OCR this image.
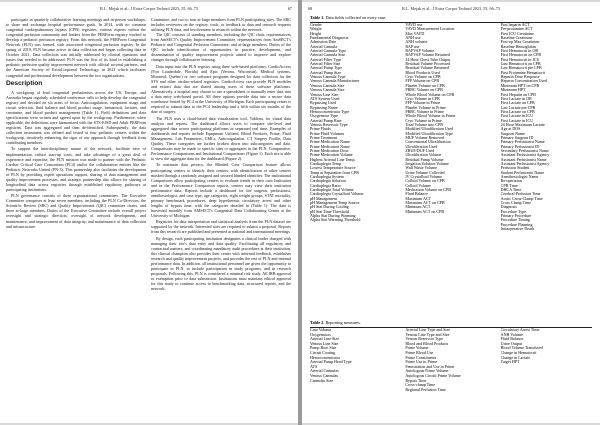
B.L. Mejak et al.: J Extra Corpor Technol 2023, 55, 66–73	67

participate in quarterly collaborative learning meetings and in-person workshops, to share and exchange hospital performance goals. In 2014, with no common congenital cardiopulmonary bypass (CPB) registries, various experts within the congenital perfusion community and leaders from the PERForm registry worked to develop a pediatric perfusion registry. From this network, the PERForm Congenital Network (PLN) was formed, with associated congenital perfusion registry. In the spring of 2019, PLN became active in data collection and began collecting data in October 2021. Data collection was initially addressed by clinical questions and issues that needed to be addressed. PLN was the first of its kind in establishing a pediatric perfusion quality improvement network with official societal partners, and the American Society of ExtraCorporeal Technology, in 2021 which facilitates congenital and professional development between the two organizations.

Description

A workgroup of lead congenital perfusionists across the US, Europe, and Australia began regularly scheduled conference calls to help develop the congenital registry and decided on six areas of focus: Anticoagulation, equipment usage and circuit selection, fluid balance and blood product usage, hematocrit, lactates, and creatinine, and blood product management (Table 1). Field definitions and data specifications were written and agreed upon by the workgroup. Furthermore, when applicable, the definitions were harmonized with the STS-EJSD and Adult PERForm registries. Data was aggregated and then de-identified. Subsequently, the data collection instrument was refined and tested at four pediatric centers within the workgroup, iteratively enhancing the rigor of our approach through feedback from contributing members.

To support the interdisciplinary nature of the network, facilitate ease of implementation, reduce start-up costs, and take advantage of a great deal of experience and expertise, the PLN mission was made to partner with the Pediatric Cardiac Critical Care Consortium (PC4) and/or the collaboration entities like the Pediatric Networks United (PN-3). This partnership also facilitates the development of PLN by providing expert operations support, sharing of data management and quality improvement processes, and strategic partnership also allows for sharing of longitudinal data across registries through established regulatory pathways at participating institutions.

PLN governance consists of three organizational committees. The Executive Committee comprises at least seven members, including the PLN Co-Directors, the Scientific Review (SRC) and Quality Improvement (QIC) committee chairs, and three at-large members. Duties of the Executive Committee include overall project oversight and strategic direction, oversight of network development, and maintenance, and improvement of data integrity, and maintenance of data collection and infrastructure.

Committee, and two to four at-large members from PLN participating sites. The SRC includes reviewers on the registry, track, or feedback to data and research requests utilizing PLN data, and involvement in research within the network.

The QIC consists of standing members, including the QIC chair, representatives from AmSECT's Quality Improvement Committee, representatives from AmSECT's Pediatric and Congenital Perfusion Committee, and at-large members. Duties of the QIC include identification of opportunities in practice, development, and dissemination of quality improvement projects aimed to improve and explore changes through collaborative learning.

Data input into the PLN registry using three web-based platforms: CardioAccess (Fort Lauderdale, Florida) and Epic (Verona, Wisconsin). Medical systems, Montreal, Quebec) or two software programs designed for data collection for the STS and other cardiac-related registries. CardioAccess can provide PLN modules and extract data that are shared among users of these software platforms. Alternatively, a hospital may choose to use a spreadsheet to manually enter data into a data entry web-based portal. All three options provide data into a secure data warehouse hosted by PC4 at the University of Michigan. Each participating center is required to submit data to the PC4 leadership and a fifth within six months of the date of surgery.

The PLN uses a cloud-based data visualization tool, Tableau, for visual data analysis and reports. The dashboard allows users to compare site-level and aggregated data across participating platforms in separated real time. Examples of dashboards and reports include Equipment Utilized, Blood Products, Prime, Fluid Management, Lab Parameters, CMLs, Anticoagulation, CT Surgery Profile, Data Quality. These categories are further broken down into subcategories and data. Comparisons may be made to specific sites or aggregates in the PLN. Comparative, Performance Comparisons and Institutional Comparisons (Figure 1). Each site is able to view the aggregate data for the dashboard (Figure 2).

To maintain data privacy, the Blinded Case Comparison feature allows participating centers to identify their centers, with identification of other centers masked through a randomly assigned and secured blinded identifier. The institutional Comparisons allow participating centers to evaluate trends in their own Institution and in the Performance Comparison reports, centers may view their institution performance data. Reports include a dashboard for the surgeon, perfusionist, anesthesiologist, and case type, age categories, eight weight groups, STAT mortality, primary benchmark procedures, deep hypothermic circulatory arrest and other lengths of bypass time, with the categories detailed in (Table 1). The data is harvested monthly from AMSECT's Congenital Data Collaborating Center at the University of Michigan.

Registries for data interpretation and statistical analysis from the PLN dataset are supported by the network. Interested sites are required to submit a proposal. Reports from this research are published and presented at national and international meetings.

By design, each participating institution designates a clinical leader charged with managing their site's data entry and data quality. Facilitating all regulatory and contractual matters, and coordinating mandatory audit procedures at their institution, this clinical champion also provides their center with informal feedback, establishes research and quality improvement projects, and provides the rest of PLN and internal performance data. In addition, all institutional personnel are given the opportunity to participate in PLN, to include participation in study programs, and in research proposals. Following this, PLN is considered a minimal risk study. All IRB approval or exemption prior to data submission. Institutions must maintain ethical approval for this study to continue access to benchmarking data, structured reports, and the network.

68	B.L. Mejak et al.: J Extra Corpor Technol 2023, 55, 66–73

Table 1. Data fields collected on every case.

Gender
Weight
Height
Fundamental Diagnosis
Admission Date
Arterial Cannula
Arterial Cannula Type
Arterial Cannula Size
Arterial Filter Type
Arterial Filter Size
Arterial Pump Type
Arterial Pump Size
Venous Cannula Type
Venous Cannula Manufacturer
Venous Cannula Size
Venous Cannula Size
Venous Line Size
ATS System Used
Bypassing Used
Bypassing Name
Hemoconcentrator Type
Oxygenator Type
Arterial Pump Rate
Venous Reservoir Type
Prime Fluids
Prime Fluid Volumes
Prime Treatment
Prime Medication Name
Prime Medication Name
Prime Medication Dose
Prime Medication Volume
Highest Arterial Line Temp.
Cardioplegia Temp
Lowest Temperature Source
Temp at Separation from CPB
Cardioplegia System
Cardioplegia Solution
Cardioplegia Ratio
Cardioplegia Total Volume
Cardioplegia Crystalloid Volume
pH Management
pH Management Temp Source
pH Stat During Cooling
pH Stat Time Threshold
Alpha Stat During Warming
Alpha Stat Warming Threshold
VAVD use
VAVD Measurement Location
Max VAVD
ANH use
ANH volume
RAP use
RAPVAP Volume
RAPVAP Volume Returned
24 Hour Chest Tube Output
Residual Volume Processed
Residual Volume Returned
Blood Products Used
Cryo Volume on CPB
FFP Volume on CPB
Platelet Volume on CPB
PRBC Volume on CPB
Whole Blood Volume on CPB
Cryo Volume in CPB
FFP Volume in Prime
Platelet Volume in Prime
PRBC Volume in Prime
Whole Blood Volume in Prime
Cryo Volume in Prime
Total Volume into CPB
Modified Ultrafiltration Used
Modified Ultrafiltration Type
MUF Volume Removed
Conventional Ultrafiltration
Ultrafiltration Used
ZBUF/DUF Used
Ultrafiltration Volume
Residual Pump Volume
Irrigation Solution Volume
Wall Waste Volume
Urine Volume Collected
IV Crystalloid Volume
Colloid Volume on CPB
Colloid Volume
Medication Volume on CPB
Fluid Balance
Maximum ACT
Maximum ACT on CPB
Minimum ACT
Minimum ACT on CPB
Post heparin ACT
Pre-protamine ACT
First ICU Creatinine
Baseline Creatinine
Post-op Max Creatinine
Baseline Hemoglobin
First Hematocrit in OR
First Hematocrit on CPB
First Hematocrit in ICU
Last Hematocrit on CPB
Last Hematocrit pre CPB
First Protamine Hematocrit
Heparin Dose Response
Heparin Concentration Used
Minimum HPT on CPB
Minimum HPT
First Heparin on CPB
First Lactate in OR
First Lactate on CPB
Last Lactate pre CPB
First Lactate on CPB
First Lactate in ICU
First Lactate in ICU
24 Hour Maximum Lactate
Age at DOS
Surgeon Name
Primary Surgeon ID
Primary Perfusionist Name
Primary Perfusionist ID
Secondary Perfusionist Name
Assistant Perfusionist Agency
Assistant Perfusionist Name
Assistant Perfusionist Agency
Perfusion Student
Student Perfusionist Name
Anesthesiologist Name
Re-operation
CPB Time
DHCA Time
Cerebral Perfusion Time
Aortic Cross-Clamp Time
Cross Clamp Time
Diagnosis
Procedure Type
Primary Procedure
Procedure Timing
Procedure Planning
Intraoperative Death

Table 2. Reporting measures.

Case Volume
Oxygenators
Arterial Line Size
Venous Line Size
Pump Boot Size
Circuit Coating
Hemoconcentrator
Arterial Pump Head Type
ATS
Arterial Cannulas
Venous Cannulas
Cannulas Size
Arterial Line Type and Size
Venous Line Type and Size
Venous Reservoir Type
Blood and Blood Products
Prime Volume
Prime Blood Use
Prime Constituents
Prime Use in Prime
Fenestration and Use in Prime
Autologous Prime Volume
Autologous Circuit Prime Volume
Bypass Time
Cross-clamp Time
Regional Perfusion Time
Circulatory Arrest Time
ANH Volume
Fluid Balance
Urine Output
Blood Volume Transfused
Change in Hematocrit
Change in Lactate
Target HPT
